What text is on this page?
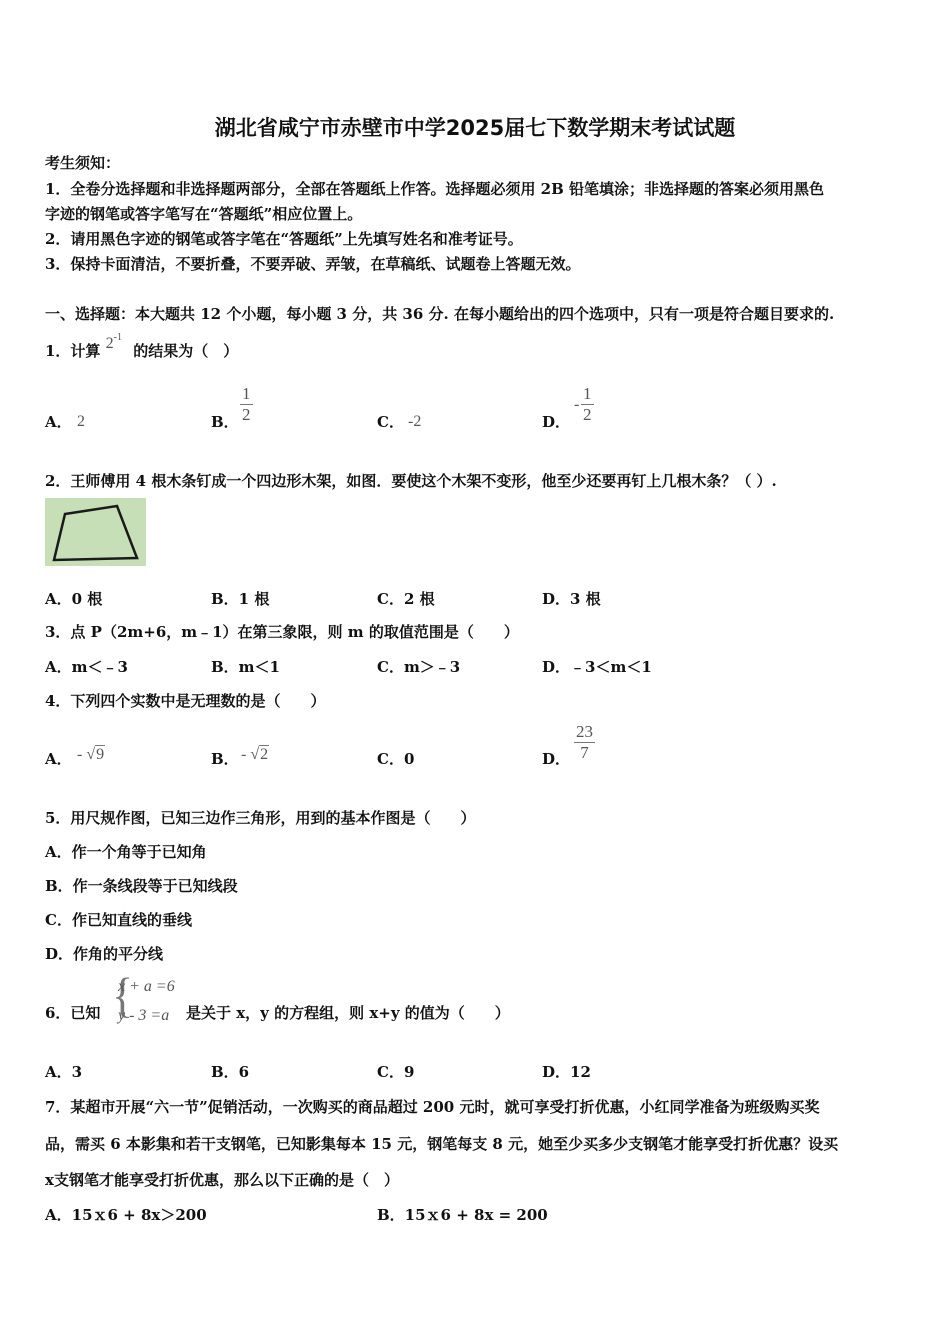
湖北省咸宁市赤壁市中学2025届七下数学期末考试试题
考生须知：
1．全卷分选择题和非选择题两部分，全部在答题纸上作答。选择题必须用 2B 铅笔填涂；非选择题的答案必须用黑色
字迹的钢笔或答字笔写在“答题纸”相应位置上。
2．请用黑色字迹的钢笔或答字笔在“答题纸”上先填写姓名和准考证号。
3．保持卡面清洁，不要折叠，不要弄破、弄皱，在草稿纸、试题卷上答题无效。
一、选择题：本大题共 12 个小题，每小题 3 分，共 36 分. 在每小题给出的四个选项中，只有一项是符合题目要求的.
1．计算 $2^{-1}$ 的结果为（　）
A． 2	B． $\frac{1}{2}$	C． -2	D．
- $\frac{1}{2}$
2．王师傅用 4 根木条钉成一个四边形木架，如图．要使这个木架不变形，他至少还要再钉上几根木条？（ ）.
A．0 根	B．1 根	C．2 根	D．3 根
3．点 P（2m+6，m﹣1）在第三象限，则 m 的取值范围是（　　）
A．m＜﹣3	B．m＜1	C．m＞﹣3	D．﹣3＜m＜1
4．下列四个实数中是无理数的是（　　）
A． - √9	B． - √2	C．0	D． $\frac{23}{7}$
5．用尺规作图，已知三边作三角形，用到的基本作图是（　　）
A．作一个角等于已知角
B．作一条线段等于已知线段
C．作已知直线的垂线
D．作角的平分线
6．已知 {
x + a =6
y - 3 =a 是关于 x，y 的方程组，则 x+y 的值为（　　）
A．3	B．6	C．9	D．12
7．某超市开展“六一节”促销活动，一次购买的商品超过 200 元时，就可享受打折优惠，小红同学准备为班级购买奖
品，需买 6 本影集和若干支钢笔，已知影集每本 15 元，钢笔每支 8 元，她至少买多少支钢笔才能享受打折优惠？设买
x支钢笔才能享受打折优惠，那么以下正确的是（　）
A．15ｘ6 + 8x＞200	B．15ｘ6 + 8x = 200
